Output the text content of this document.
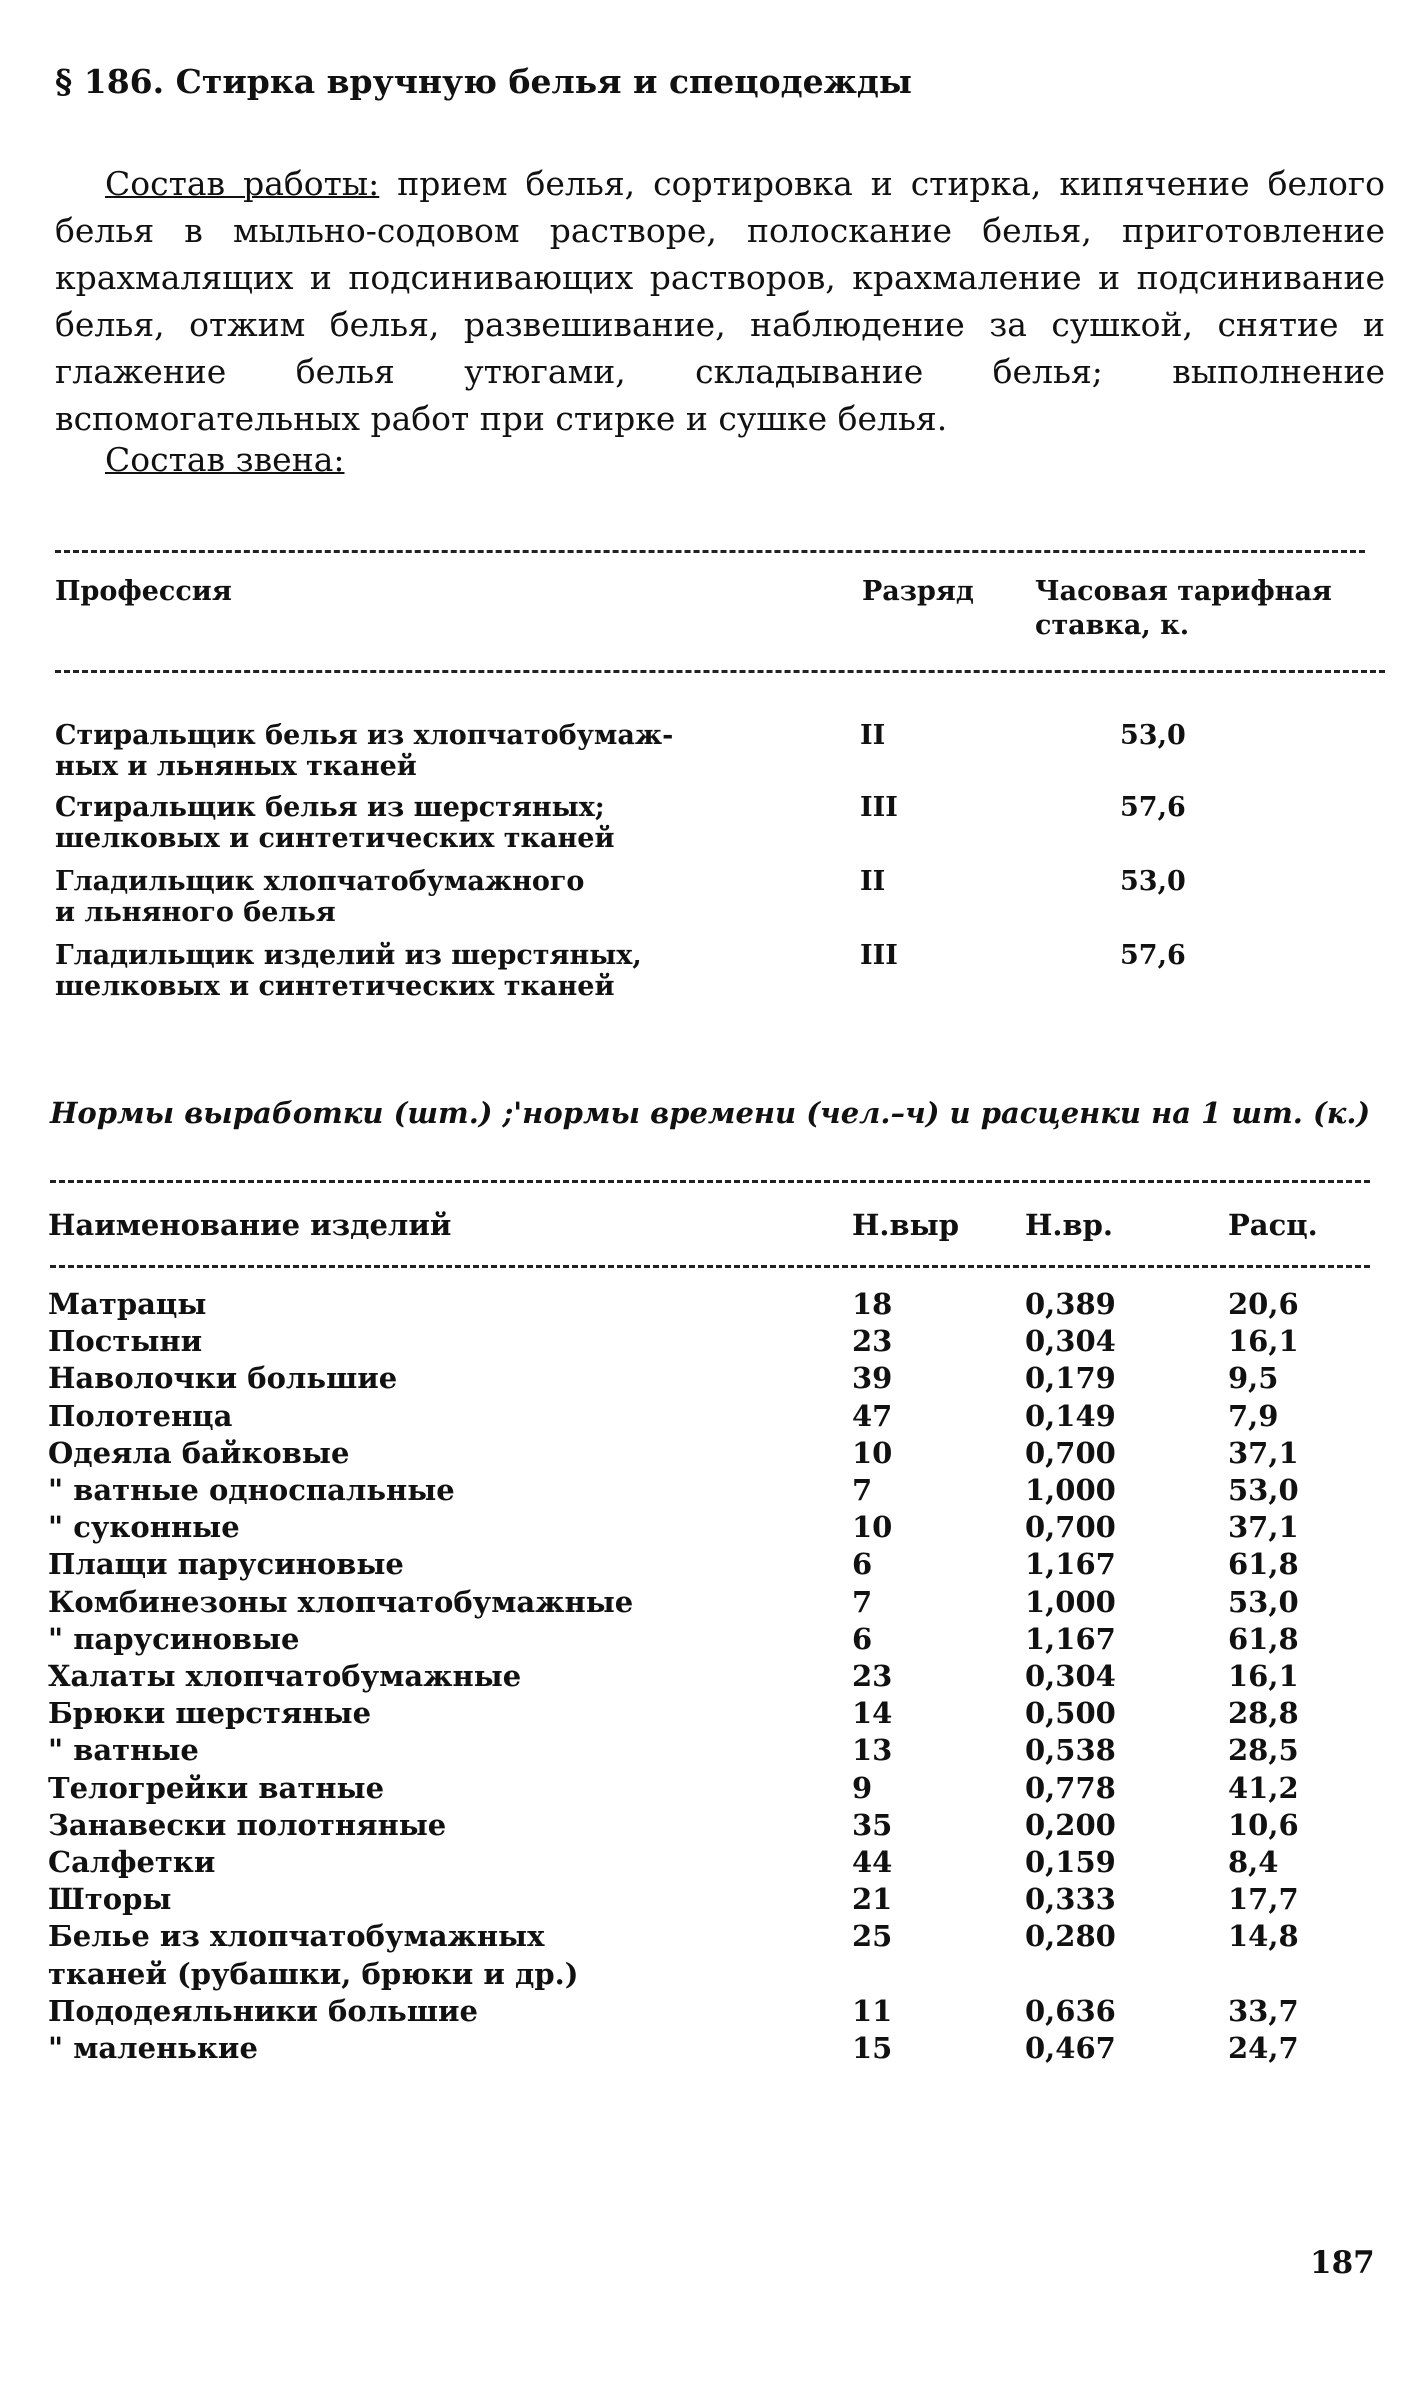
§ 186. Стирка вручную белья и спецодежды
Состав работы: прием белья, сортировка и стирка, кипячение белого белья в мыльно-содовом растворе, полоскание белья, приготовление крахмалящих и подсинивающих растворов, крахмаление и подсинивание белья, отжим белья, развешивание, наблюдение за сушкой, снятие и глажение белья утюгами, складывание белья; выполнение вспомогательных работ при стирке и сушке белья.
Состав звена:
Профессия	Разряд Часовая тарифная
ставка, к.
Стиральщик белья из хлопчатобумаж-
ных и льняных тканей
II	53,0
Стиральщик белья из шерстяных;
шелковых и синтетических тканей
III	57,6
Гладильщик хлопчатобумажного
и льняного белья
II	53,0
Гладильщик изделий из шерстяных,
шелковых и синтетических тканей
III	57,6
Нормы выработки (шт.) ;'нормы времени (чел.–ч) и расценки на 1 шт. (к.)
Наименование изделий	Н.выр Н.вр.	Расц.
Матрацы	18	0,389	20,6
Постыни	23	0,304	16,1
Наволочки большие	39	0,179	9,5
Полотенца	47	0,149	7,9
Одеяла байковые	10	0,700	37,1
" ватные односпальные	7	1,000	53,0
" суконные	10	0,700	37,1
Плащи парусиновые	6	1,167	61,8
Комбинезоны хлопчатобумажные	7	1,000	53,0
" парусиновые	6	1,167	61,8
Халаты хлопчатобумажные	23	0,304	16,1
Брюки шерстяные	14	0,500	28,8
" ватные	13	0,538	28,5
Телогрейки ватные	9	0,778	41,2
Занавески полотняные	35	0,200	10,6
Салфетки	44	0,159	8,4
Шторы	21	0,333	17,7
Белье из хлопчатобумажных	25	0,280	14,8
тканей (рубашки, брюки и др.)
Пододеяльники большие	11	0,636	33,7
" маленькие	15	0,467	24,7
187
